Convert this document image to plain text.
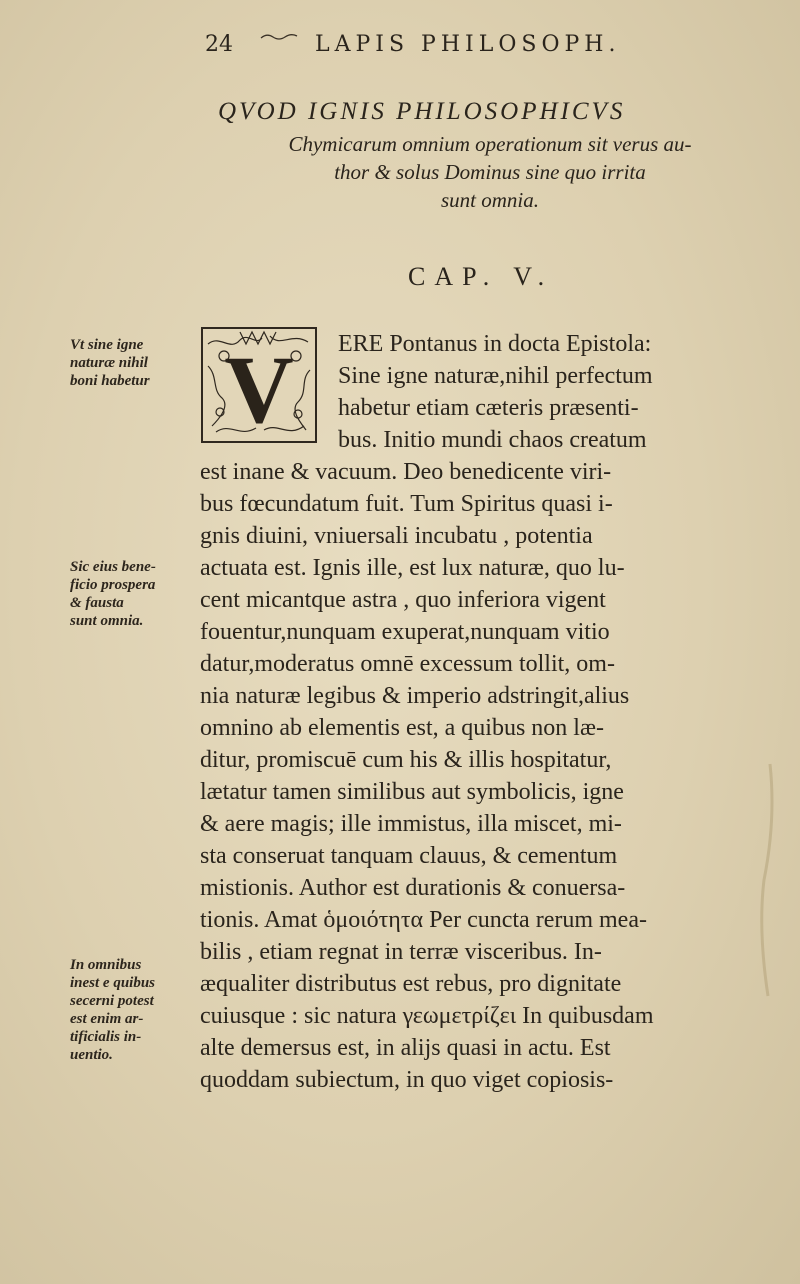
24	LAPIS PHILOSOPH.
QVOD IGNIS PHILOSOPHICVS
Chymicarum omnium operationum sit verus au-
thor & solus Dominus sine quo irrita
sunt omnia.
CAP. V.
V ERE Pontanus in docta Epistola:
Sine igne naturæ,nihil perfectum
habetur etiam cæteris præsenti-
bus. Initio mundi chaos creatum
est inane & vacuum. Deo benedicente viri-
bus fœcundatum fuit. Tum Spiritus quasi i-
gnis diuini, vniuersali incubatu , potentia
actuata est. Ignis ille, est lux naturæ, quo lu-
cent micantque astra , quo inferiora vigent
fouentur,nunquam exuperat,nunquam vitio
datur,moderatus omnē excessum tollit, om-
nia naturæ legibus & imperio adstringit,alius
omnino ab elementis est, a quibus non læ-
ditur, promiscuē cum his & illis hospitatur,
lætatur tamen similibus aut symbolicis, igne
& aere magis; ille immistus, illa miscet, mi-
sta conseruat tanquam clauus, & cementum
mistionis. Author est durationis & conuersa-
tionis. Amat ὁμοιότητα Per cuncta rerum mea-
bilis , etiam regnat in terræ visceribus. In-
æqualiter distributus est rebus, pro dignitate
cuiusque : sic natura γεωμετρίζει In quibusdam
alte demersus est, in alijs quasi in actu. Est
quoddam subiectum, in quo viget copiosis-
Vt sine igne
naturæ nihil
boni habetur
Sic eius bene-
ficio prospera
& fausta
sunt omnia.
In omnibus
inest e quibus
secerni potest
est enim ar-
tificialis in-
uentio.
